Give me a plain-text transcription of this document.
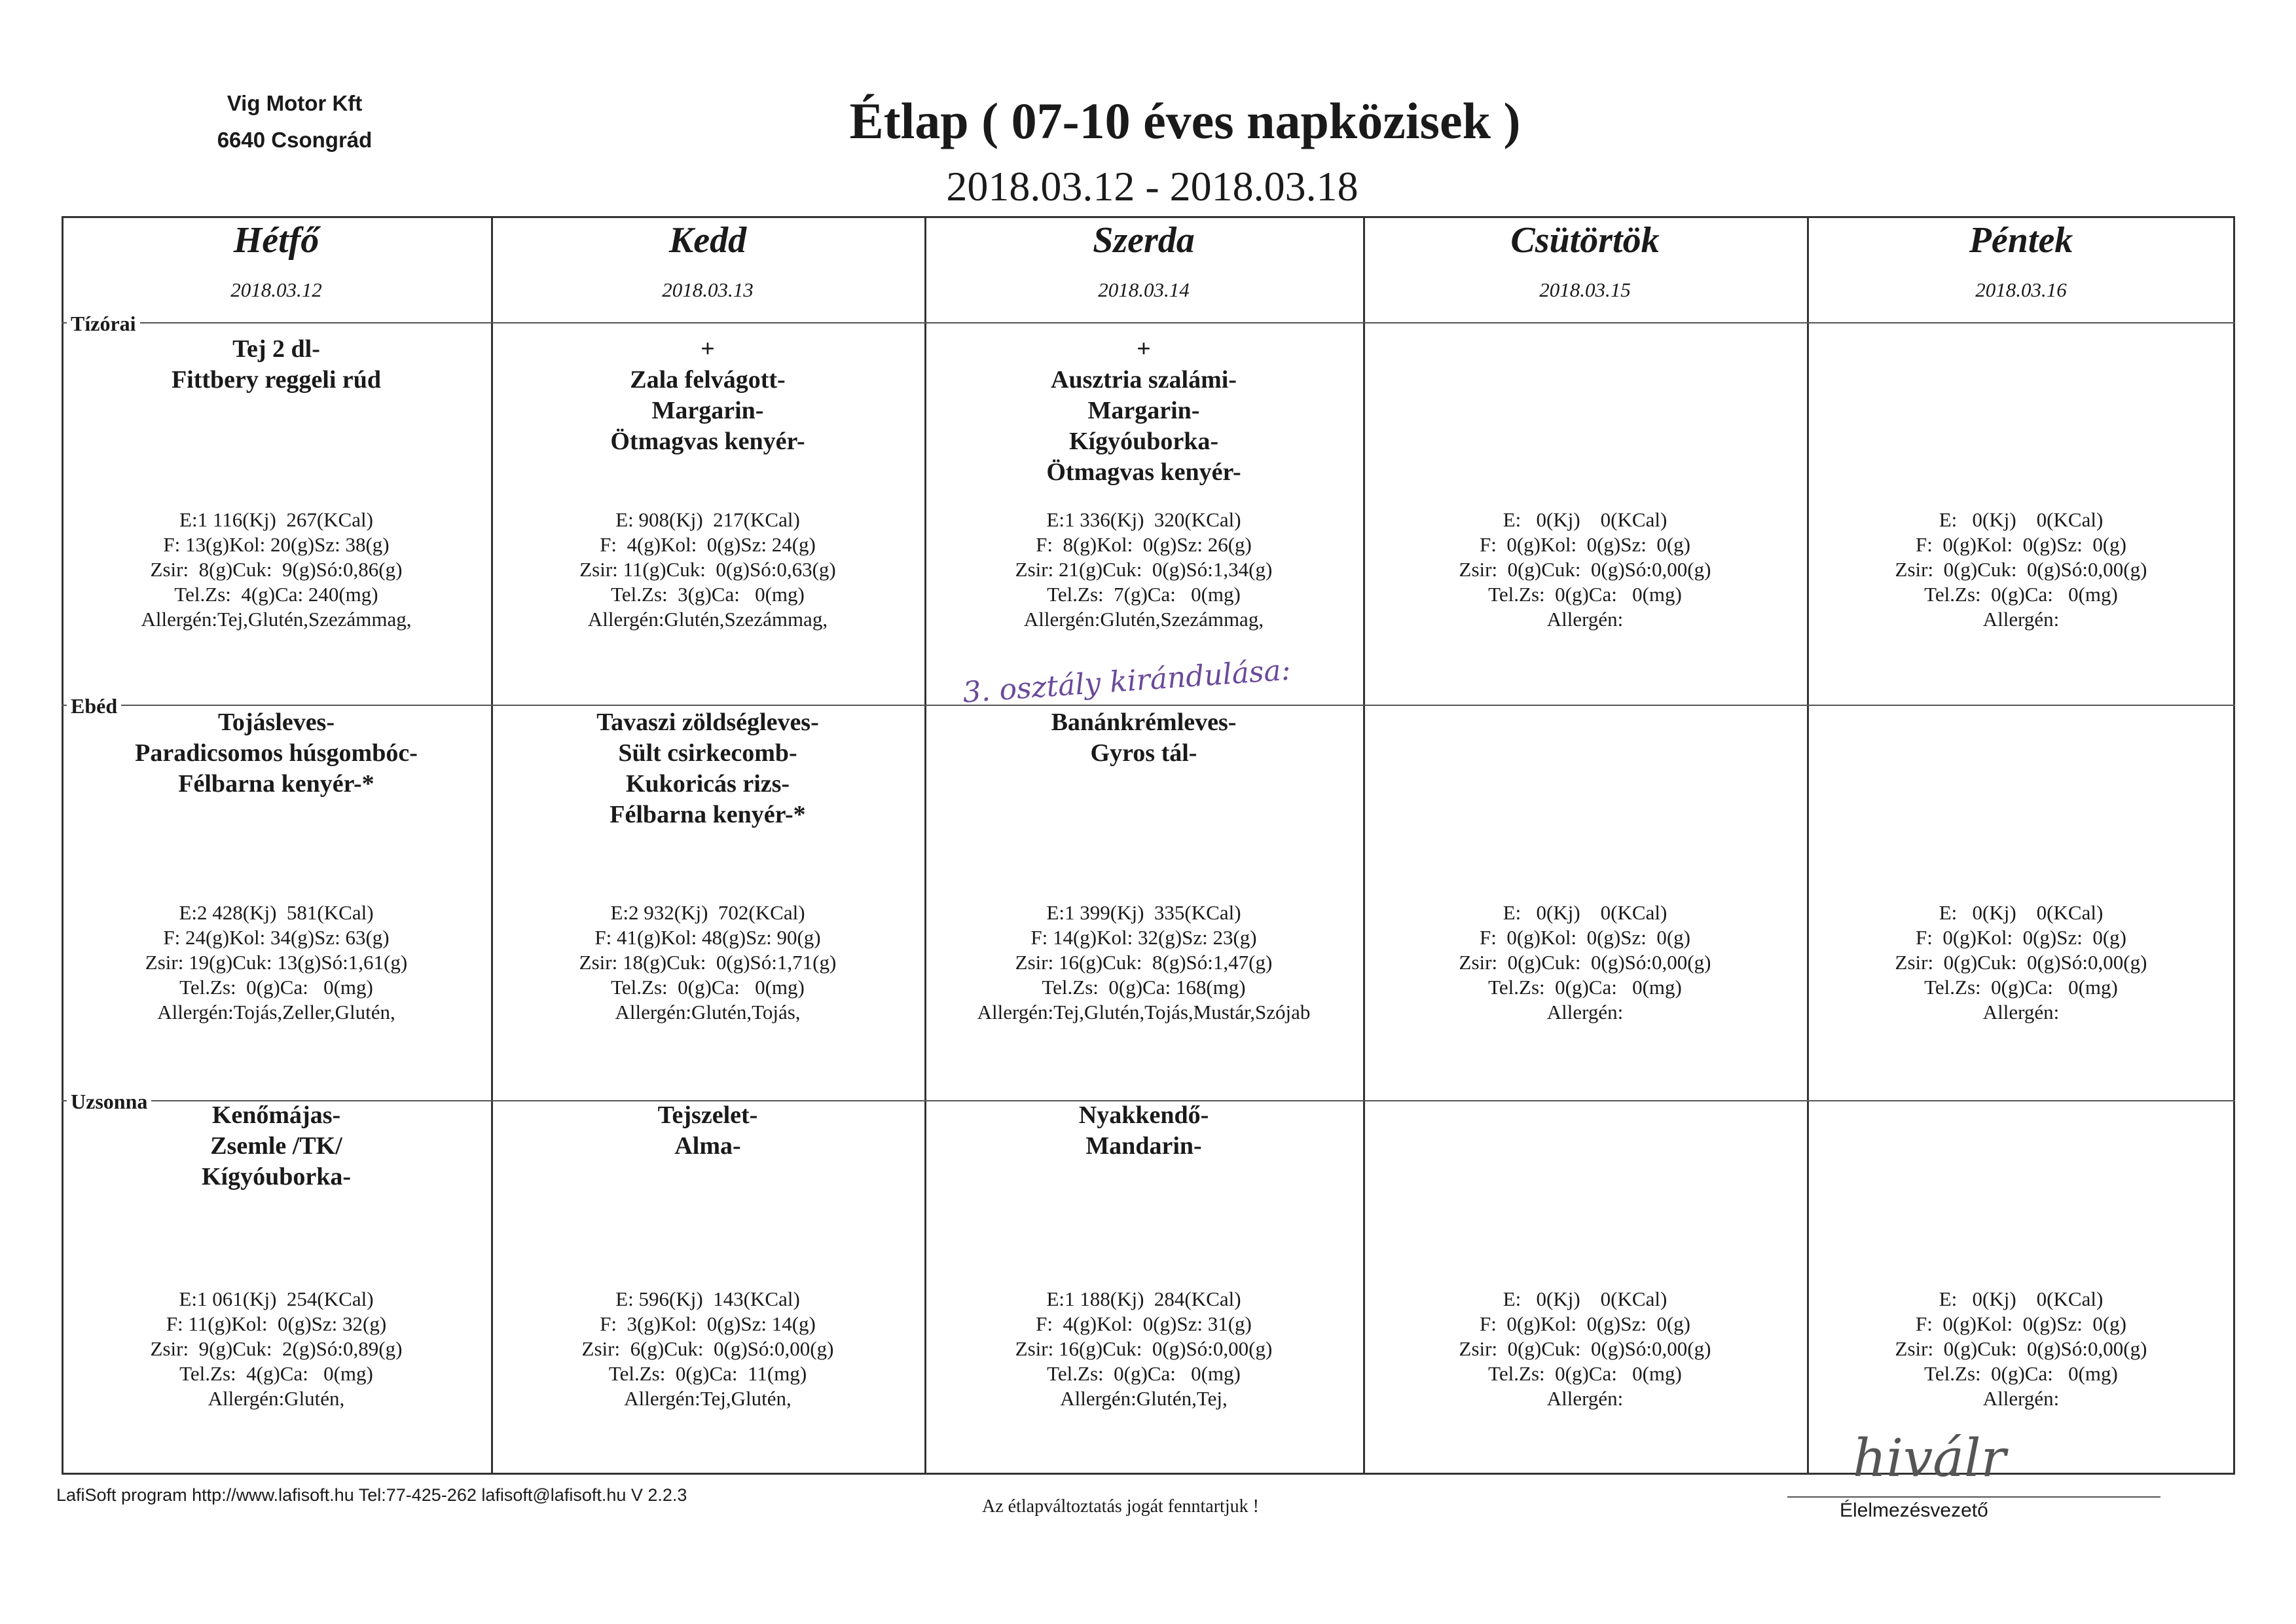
Vig Motor Kft
6640 Csongrád	Étlap ( 07-10 éves napközisek )
2018.03.12 - 2018.03.18
Tízórai
Ebéd
Uzsonna
Hétfő
2018.03.12
Kedd
2018.03.13
Szerda
2018.03.14
Csütörtök
2018.03.15
Péntek
2018.03.16
Tej 2 dl-
Fittbery reggeli rúd
E:1 116(Kj)  267(KCal)
F: 13(g)Kol: 20(g)Sz: 38(g)
Zsir:  8(g)Cuk:  9(g)Só:0,86(g)
Tel.Zs:  4(g)Ca: 240(mg)
Allergén:Tej,Glutén,Szezámmag,
+
Zala felvágott-
Margarin-
Ötmagvas kenyér-
E: 908(Kj)  217(KCal)
F:  4(g)Kol:  0(g)Sz: 24(g)
Zsir: 11(g)Cuk:  0(g)Só:0,63(g)
Tel.Zs:  3(g)Ca:   0(mg)
Allergén:Glutén,Szezámmag,
+
Ausztria szalámi-
Margarin-
Kígyóuborka-
Ötmagvas kenyér-
E:1 336(Kj)  320(KCal)
F:  8(g)Kol:  0(g)Sz: 26(g)
Zsir: 21(g)Cuk:  0(g)Só:1,34(g)
Tel.Zs:  7(g)Ca:   0(mg)
Allergén:Glutén,Szezámmag,
E:   0(Kj)    0(KCal)
F:  0(g)Kol:  0(g)Sz:  0(g)
Zsir:  0(g)Cuk:  0(g)Só:0,00(g)
Tel.Zs:  0(g)Ca:   0(mg)
Allergén:
E:   0(Kj)    0(KCal)
F:  0(g)Kol:  0(g)Sz:  0(g)
Zsir:  0(g)Cuk:  0(g)Só:0,00(g)
Tel.Zs:  0(g)Ca:   0(mg)
Allergén:
Tojásleves-
Paradicsomos húsgombóc-
Félbarna kenyér-*
E:2 428(Kj)  581(KCal)
F: 24(g)Kol: 34(g)Sz: 63(g)
Zsir: 19(g)Cuk: 13(g)Só:1,61(g)
Tel.Zs:  0(g)Ca:   0(mg)
Allergén:Tojás,Zeller,Glutén,
Tavaszi zöldségleves-
Sült csirkecomb-
Kukoricás rizs-
Félbarna kenyér-*
E:2 932(Kj)  702(KCal)
F: 41(g)Kol: 48(g)Sz: 90(g)
Zsir: 18(g)Cuk:  0(g)Só:1,71(g)
Tel.Zs:  0(g)Ca:   0(mg)
Allergén:Glutén,Tojás,
Banánkrémleves-
Gyros tál-
E:1 399(Kj)  335(KCal)
F: 14(g)Kol: 32(g)Sz: 23(g)
Zsir: 16(g)Cuk:  8(g)Só:1,47(g)
Tel.Zs:  0(g)Ca: 168(mg)
Allergén:Tej,Glutén,Tojás,Mustár,Szójab
E:   0(Kj)    0(KCal)
F:  0(g)Kol:  0(g)Sz:  0(g)
Zsir:  0(g)Cuk:  0(g)Só:0,00(g)
Tel.Zs:  0(g)Ca:   0(mg)
Allergén:
E:   0(Kj)    0(KCal)
F:  0(g)Kol:  0(g)Sz:  0(g)
Zsir:  0(g)Cuk:  0(g)Só:0,00(g)
Tel.Zs:  0(g)Ca:   0(mg)
Allergén:
Kenőmájas-
Zsemle /TK/
Kígyóuborka-
E:1 061(Kj)  254(KCal)
F: 11(g)Kol:  0(g)Sz: 32(g)
Zsir:  9(g)Cuk:  2(g)Só:0,89(g)
Tel.Zs:  4(g)Ca:   0(mg)
Allergén:Glutén,
Tejszelet-
Alma-
E: 596(Kj)  143(KCal)
F:  3(g)Kol:  0(g)Sz: 14(g)
Zsir:  6(g)Cuk:  0(g)Só:0,00(g)
Tel.Zs:  0(g)Ca:  11(mg)
Allergén:Tej,Glutén,
Nyakkendő-
Mandarin-
E:1 188(Kj)  284(KCal)
F:  4(g)Kol:  0(g)Sz: 31(g)
Zsir: 16(g)Cuk:  0(g)Só:0,00(g)
Tel.Zs:  0(g)Ca:   0(mg)
Allergén:Glutén,Tej,
E:   0(Kj)    0(KCal)
F:  0(g)Kol:  0(g)Sz:  0(g)
Zsir:  0(g)Cuk:  0(g)Só:0,00(g)
Tel.Zs:  0(g)Ca:   0(mg)
Allergén:
E:   0(Kj)    0(KCal)
F:  0(g)Kol:  0(g)Sz:  0(g)
Zsir:  0(g)Cuk:  0(g)Só:0,00(g)
Tel.Zs:  0(g)Ca:   0(mg)
Allergén:
3. osztály kirándulása:
LafiSoft program http://www.lafisoft.hu Tel:77-425-262 lafisoft@lafisoft.hu V 2.2.3
Az étlapváltoztatás jogát fenntartjuk !
hiválr
Élelmezésvezető
